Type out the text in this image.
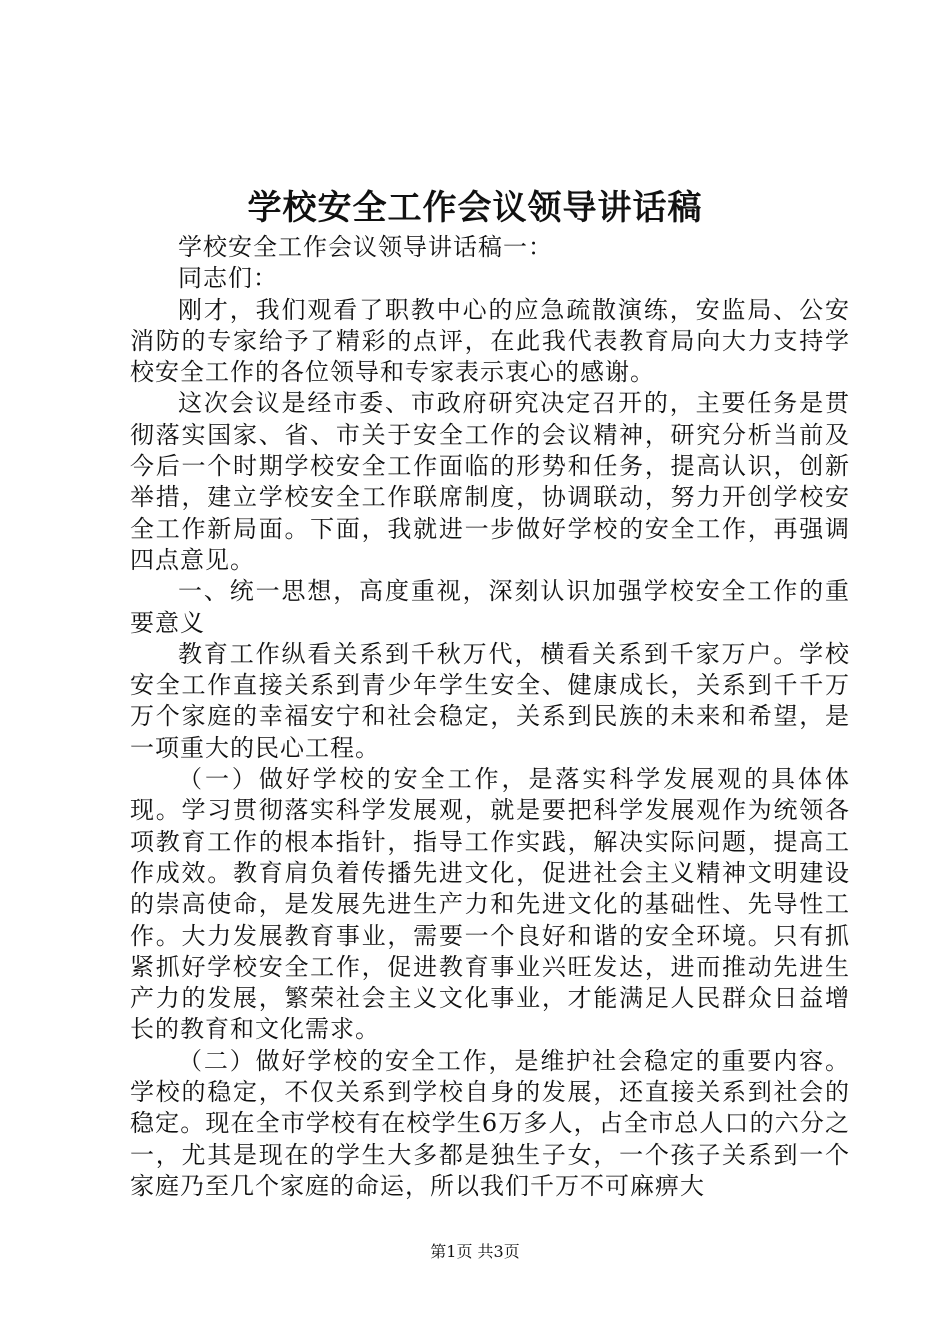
学校安全工作会议领导讲话稿

学校安全工作会议领导讲话稿一：

同志们：

刚才，我们观看了职教中心的应急疏散演练，安监局、公安消防的专家给予了精彩的点评，在此我代表教育局向大力支持学校安全工作的各位领导和专家表示衷心的感谢。

这次会议是经市委、市政府研究决定召开的，主要任务是贯彻落实国家、省、市关于安全工作的会议精神，研究分析当前及今后一个时期学校安全工作面临的形势和任务，提高认识，创新举措，建立学校安全工作联席制度，协调联动，努力开创学校安全工作新局面。下面，我就进一步做好学校的安全工作，再强调四点意见。

一、统一思想，高度重视，深刻认识加强学校安全工作的重要意义

教育工作纵看关系到千秋万代，横看关系到千家万户。学校安全工作直接关系到青少年学生安全、健康成长，关系到千千万万个家庭的幸福安宁和社会稳定，关系到民族的未来和希望，是一项重大的民心工程。

（一）做好学校的安全工作，是落实科学发展观的具体体现。学习贯彻落实科学发展观，就是要把科学发展观作为统领各项教育工作的根本指针，指导工作实践，解决实际问题，提高工作成效。教育肩负着传播先进文化，促进社会主义精神文明建设的崇高使命，是发展先进生产力和先进文化的基础性、先导性工作。大力发展教育事业，需要一个良好和谐的安全环境。只有抓紧抓好学校安全工作，促进教育事业兴旺发达，进而推动先进生产力的发展，繁荣社会主义文化事业，才能满足人民群众日益增长的教育和文化需求。

（二）做好学校的安全工作，是维护社会稳定的重要内容。学校的稳定，不仅关系到学校自身的发展，还直接关系到社会的稳定。现在全市学校有在校学生6万多人，占全市总人口的六分之一，尤其是现在的学生大多都是独生子女，一个孩子关系到一个家庭乃至几个家庭的命运，所以我们千万不可麻痹大

第1页 共3页
